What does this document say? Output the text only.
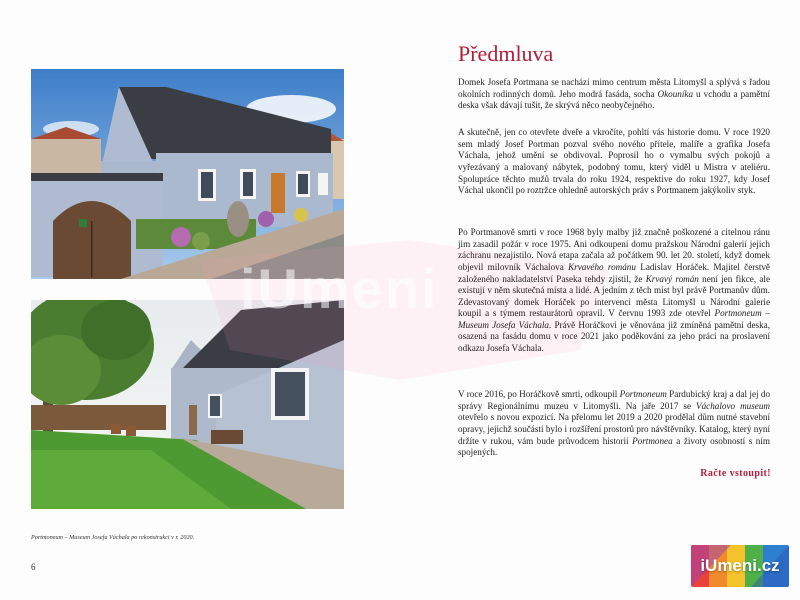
Portmoneum – Museum Josefa Váchala po rekonstrukci v r. 2020.
6
iUmeni
Předmluva

Domek Josefa Portmana se nachází mimo centrum města Litomyšl a splývá s řadou okolních rodinných domů. Jeho modrá fasáda, socha Okouníka u vchodu a pamětní deska však dávají tušit, že skrývá něco neobyčejného.

A skutečně, jen co otevřete dveře a vkročíte, pohltí vás historie domu. V roce 1920 sem mladý Josef Portman pozval svého nového přítele, malíře a grafika Josefa Váchala, jehož umění se obdivoval. Poprosil ho o vymalbu svých pokojů a vyřezávaný a malovaný nábytek, podobný tomu, který viděl u Mistra v ateliéru. Spolupráce těchto mužů trvala do roku 1924, respektive do roku 1927, kdy Josef Váchal ukončil po roztržce ohledně autorských práv s Portmanem jakýkoliv styk.

Po Portmanově smrti v roce 1968 byly malby již značně poškozené a citelnou ránu jim zasadil požár v roce 1975. Ani odkoupení domu pražskou Národní galerií jejich záchranu nezajistilo. Nová etapa začala až počátkem 90. let 20. století, když domek objevil milovník Váchalova Krvavého románu Ladislav Horáček. Majitel čerstvě založeného nakladatelství Paseka tehdy zjistil, že Krvavý román není jen fikce, ale existují v něm skutečná místa a lidé. A jedním z těch míst byl právě Portmanův dům. Zdevastovaný domek Horáček po intervenci města Litomyšl u Národní galerie koupil a s týmem restaurátorů opravil. V červnu 1993 zde otevřel Portmoneum – Museum Josefa Váchala. Právě Horáčkovi je věnována již zmíněná pamětní deska, osazená na fasádu domu v roce 2021 jako poděkování za jeho práci na proslavení odkazu Josefa Váchala.

V roce 2016, po Horáčkově smrti, odkoupil Portmoneum Pardubický kraj a dal jej do správy Regionálnímu muzeu v Litomyšli. Na jaře 2017 se Váchalovo museum otevřelo s novou expozicí. Na přelomu let 2019 a 2020 prodělal dům nutné stavební opravy, jejichž součástí bylo i rozšíření prostorů pro návštěvníky. Katalog, který nyní držíte v rukou, vám bude průvodcem historií Portmonea a životy osobností s ním spojených.

Račte vstoupit!
iUmeni.cz
